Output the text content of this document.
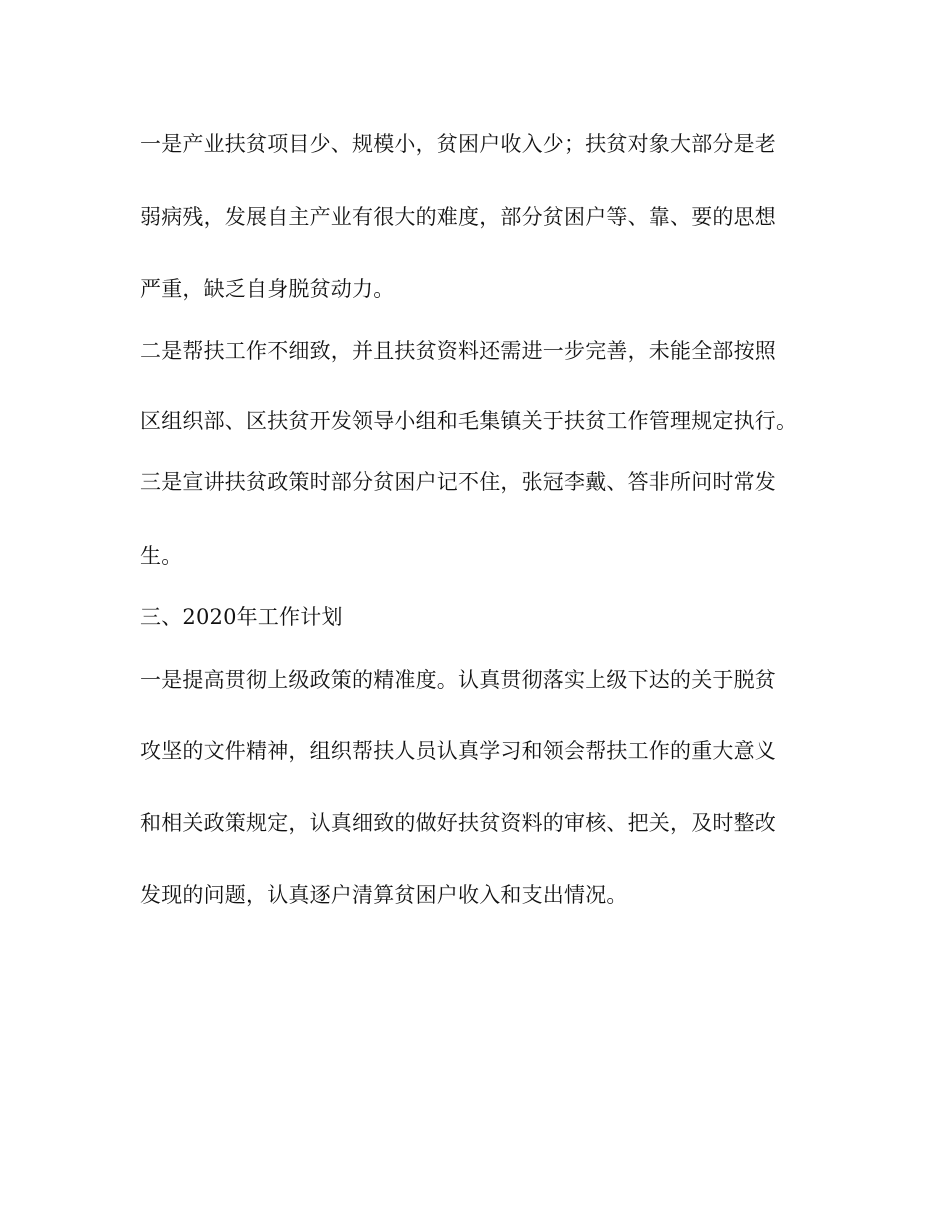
一是产业扶贫项目少、规模小，贫困户收入少；扶贫对象大部分是老
弱病残，发展自主产业有很大的难度，部分贫困户等、靠、要的思想
严重，缺乏自身脱贫动力。
二是帮扶工作不细致，并且扶贫资料还需进一步完善，未能全部按照
区组织部、区扶贫开发领导小组和毛集镇关于扶贫工作管理规定执行。
三是宣讲扶贫政策时部分贫困户记不住，张冠李戴、答非所问时常发
生。
三、2020年工作计划
一是提高贯彻上级政策的精准度。认真贯彻落实上级下达的关于脱贫
攻坚的文件精神，组织帮扶人员认真学习和领会帮扶工作的重大意义
和相关政策规定，认真细致的做好扶贫资料的审核、把关，及时整改
发现的问题，认真逐户清算贫困户收入和支出情况。
